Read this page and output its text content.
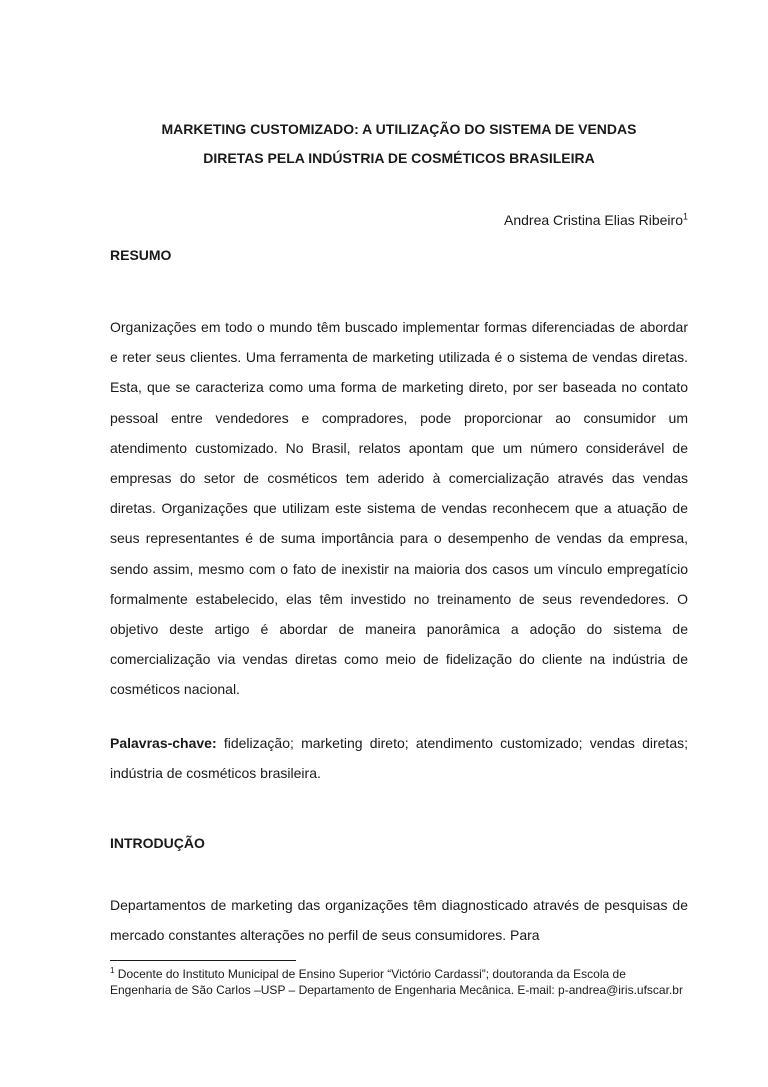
MARKETING CUSTOMIZADO: A UTILIZAÇÃO DO SISTEMA DE VENDAS
DIRETAS PELA INDÚSTRIA DE COSMÉTICOS BRASILEIRA
Andrea Cristina Elias Ribeiro$^1$
RESUMO

Organizações em todo o mundo têm buscado implementar formas diferenciadas de abordar e reter seus clientes. Uma ferramenta de marketing utilizada é o sistema de vendas diretas. Esta, que se caracteriza como uma forma de marketing direto, por ser baseada no contato pessoal entre vendedores e compradores, pode proporcionar ao consumidor um atendimento customizado. No Brasil, relatos apontam que um número considerável de empresas do setor de cosméticos tem aderido à comercialização através das vendas diretas. Organizações que utilizam este sistema de vendas reconhecem que a atuação de seus representantes é de suma importância para o desempenho de vendas da empresa, sendo assim, mesmo com o fato de inexistir na maioria dos casos um vínculo empregatício formalmente estabelecido, elas têm investido no treinamento de seus revendedores. O objetivo deste artigo é abordar de maneira panorâmica a adoção do sistema de comercialização via vendas diretas como meio de fidelização do cliente na indústria de cosméticos nacional.

Palavras-chave: fidelização; marketing direto; atendimento customizado; vendas diretas; indústria de cosméticos brasileira.

INTRODUÇÃO

Departamentos de marketing das organizações têm diagnosticado através de pesquisas de mercado constantes alterações no perfil de seus consumidores. Para

$^1$ Docente do Instituto Municipal de Ensino Superior “Victório Cardassi”; doutoranda da Escola de Engenharia de São Carlos –USP – Departamento de Engenharia Mecânica. E-mail: p-andrea@iris.ufscar.br
